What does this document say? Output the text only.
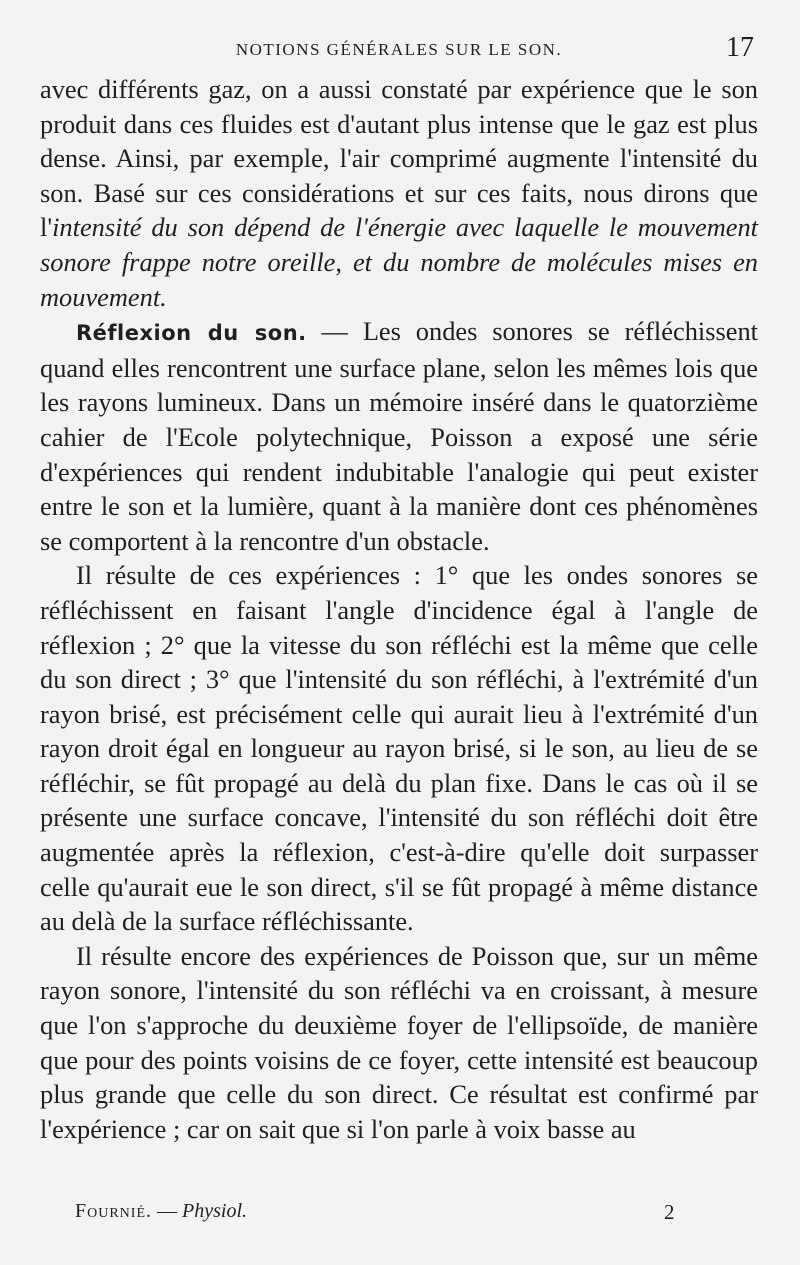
NOTIONS GÉNÉRALES SUR LE SON.	17

avec différents gaz, on a aussi constaté par expérience que le son produit dans ces fluides est d'autant plus intense que le gaz est plus dense. Ainsi, par exemple, l'air comprimé augmente l'intensité du son. Basé sur ces considérations et sur ces faits, nous dirons que l'intensité du son dépend de l'énergie avec laquelle le mouvement sonore frappe notre oreille, et du nombre de molécules mises en mouvement.

Réflexion du son. — Les ondes sonores se réfléchissent quand elles rencontrent une surface plane, selon les mêmes lois que les rayons lumineux. Dans un mémoire inséré dans le quatorzième cahier de l'Ecole polytechnique, Poisson a exposé une série d'expériences qui rendent indubitable l'analogie qui peut exister entre le son et la lumière, quant à la manière dont ces phénomènes se comportent à la rencontre d'un obstacle.

Il résulte de ces expériences : 1° que les ondes sonores se réfléchissent en faisant l'angle d'incidence égal à l'angle de réflexion ; 2° que la vitesse du son réfléchi est la même que celle du son direct ; 3° que l'intensité du son réfléchi, à l'extrémité d'un rayon brisé, est précisément celle qui aurait lieu à l'extrémité d'un rayon droit égal en longueur au rayon brisé, si le son, au lieu de se réfléchir, se fût propagé au delà du plan fixe. Dans le cas où il se présente une surface concave, l'intensité du son réfléchi doit être augmentée après la réflexion, c'est-à-dire qu'elle doit surpasser celle qu'aurait eue le son direct, s'il se fût propagé à même distance au delà de la surface réfléchissante.

Il résulte encore des expériences de Poisson que, sur un même rayon sonore, l'intensité du son réfléchi va en croissant, à mesure que l'on s'approche du deuxième foyer de l'ellipsoïde, de manière que pour des points voisins de ce foyer, cette intensité est beaucoup plus grande que celle du son direct. Ce résultat est confirmé par l'expérience ; car on sait que si l'on parle à voix basse au

Fournié. — Physiol.	2
